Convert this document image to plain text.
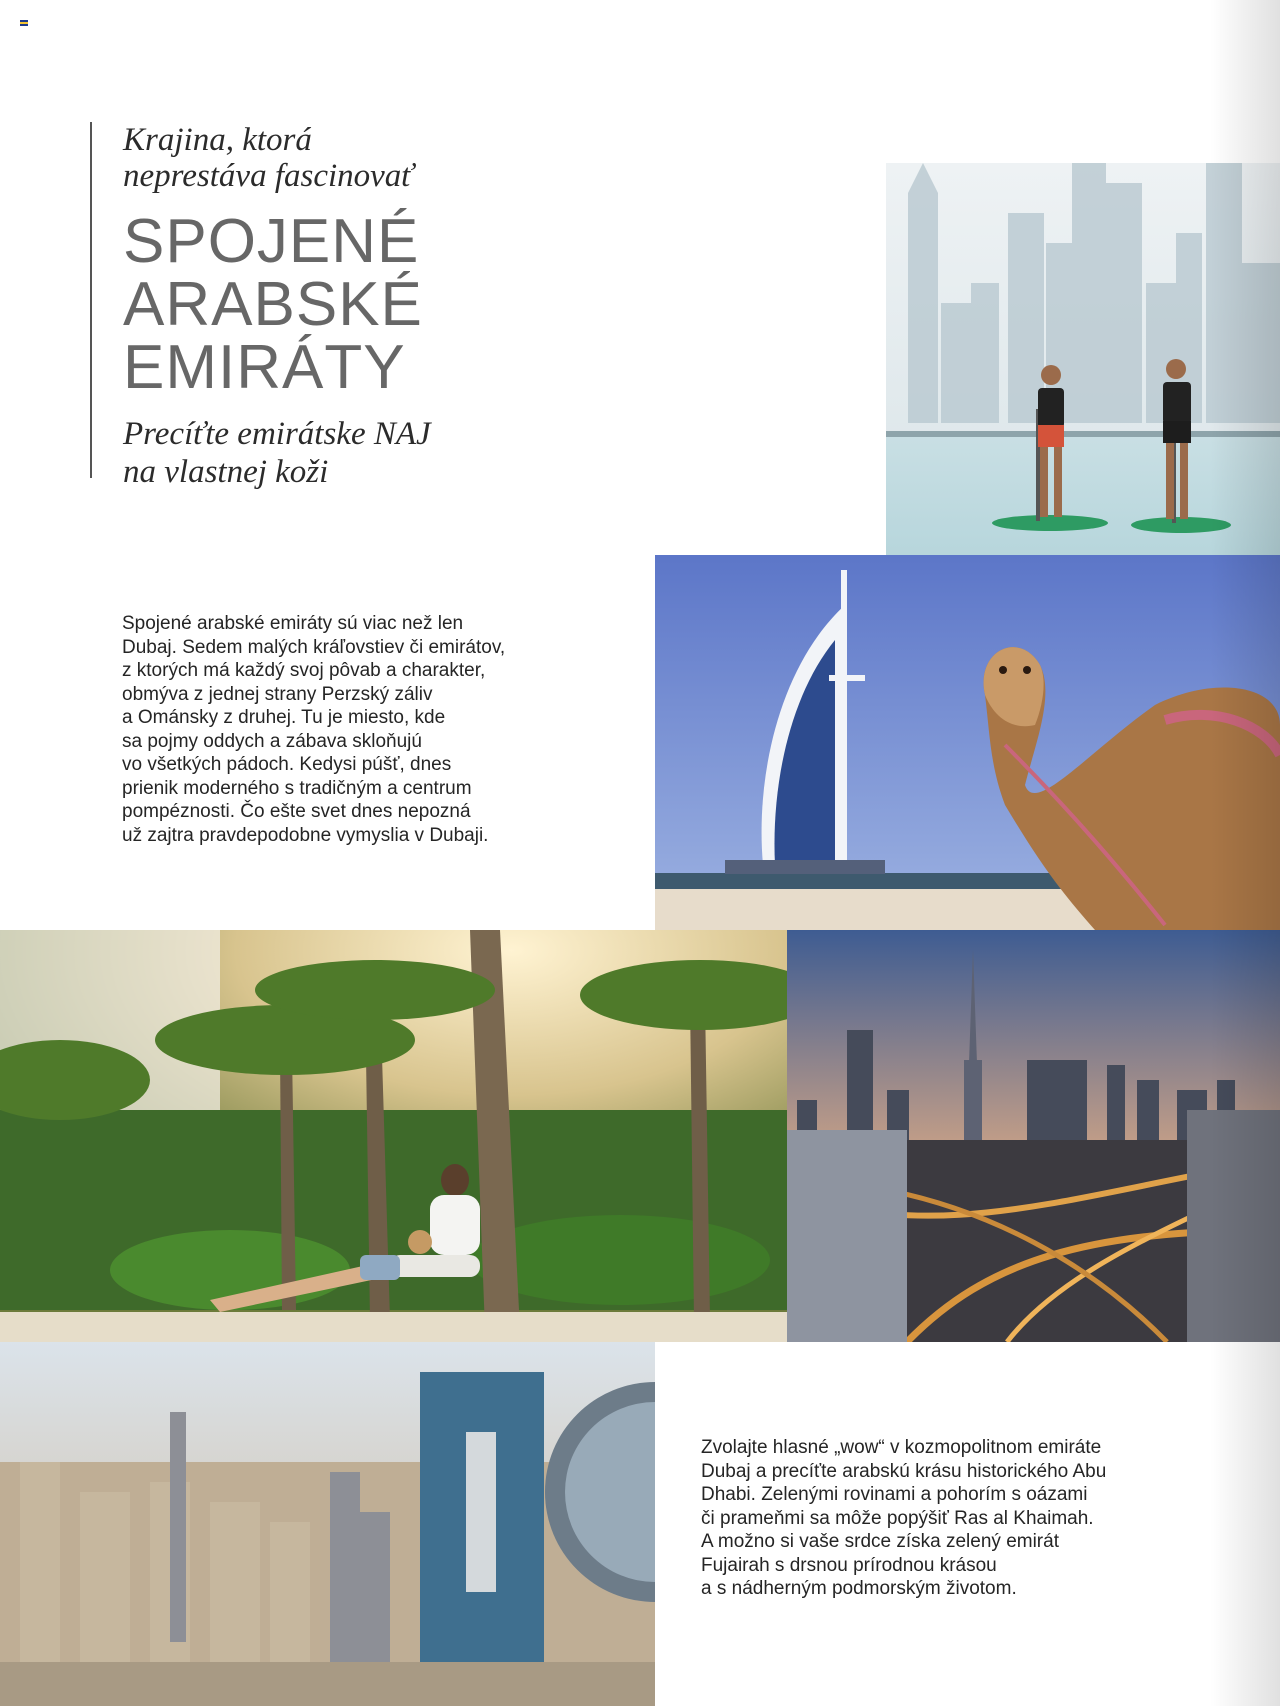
Krajina, ktorá
neprestáva fascinovať

SPOJENÉ
ARABSKÉ
EMIRÁTY

Precíťte emirátske NAJ
na vlastnej koži

Spojené arabské emiráty sú viac než len
Dubaj. Sedem malých kráľovstiev či emirátov,
z ktorých má každý svoj pôvab a charakter,
obmýva z jednej strany Perzský záliv
a Ománsky z druhej. Tu je miesto, kde
sa pojmy oddych a zábava skloňujú
vo všetkých pádoch. Kedysi púšť, dnes
prienik moderného s tradičným a centrum
pompéznosti. Čo ešte svet dnes nepozná
už zajtra pravdepodobne vymyslia v Dubaji.

Zvolajte hlasné „wow“ v kozmopolitnom emiráte
Dubaj a precíťte arabskú krásu historického Abu
Dhabi. Zelenými rovinami a pohorím s oázami
či prameňmi sa môže popýšiť Ras al Khaimah.
A možno si vaše srdce získa zelený emirát
Fujairah s drsnou prírodnou krásou
a s nádherným podmorským životom.
